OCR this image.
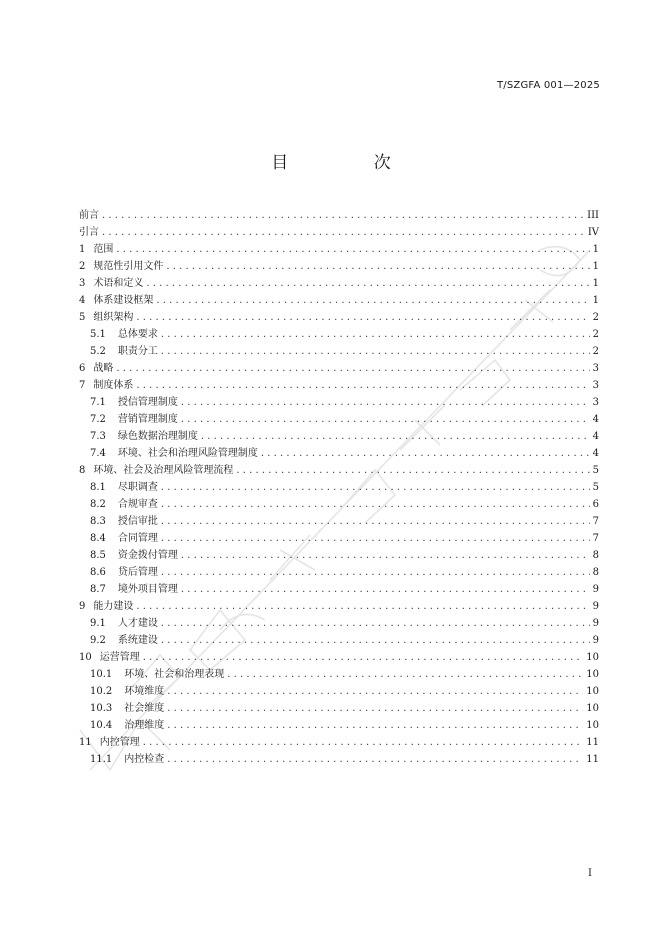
T/SZGFA 001—2025
目 次
前言 .....	III
引言 .....	IV
1 范围 .....	1
2 规范性引用文件 .....	1
3 术语和定义 .....	1
4 体系建设框架 .....	1
5 组织架构 .....	2
5.1 总体要求 .....	2
5.2 职责分工 .....	2
6 战略 .....	3
7 制度体系 .....	3
7.1 授信管理制度 .....	3
7.2 营销管理制度 .....	4
7.3 绿色数据治理制度 .....	4
7.4 环境、社会和治理风险管理制度 .....	4
8 环境、社会及治理风险管理流程 .....	5
8.1 尽职调查 .....	5
8.2 合规审查 .....	6
8.3 授信审批 .....	7
8.4 合同管理 .....	7
8.5 资金拨付管理 .....	8
8.6 贷后管理 .....	8
8.7 境外项目管理 .....	9
9 能力建设 .....	9
9.1 人才建设 .....	9
9.2 系统建设 .....	9
10 运营管理 .....	10
10.1 环境、社会和治理表现 .....	10
10.2 环境维度 .....	10
10.3 社会维度 .....	10
10.4 治理维度 .....	10
11 内控管理 .....	11
11.1 内控检查 .....	11
I
